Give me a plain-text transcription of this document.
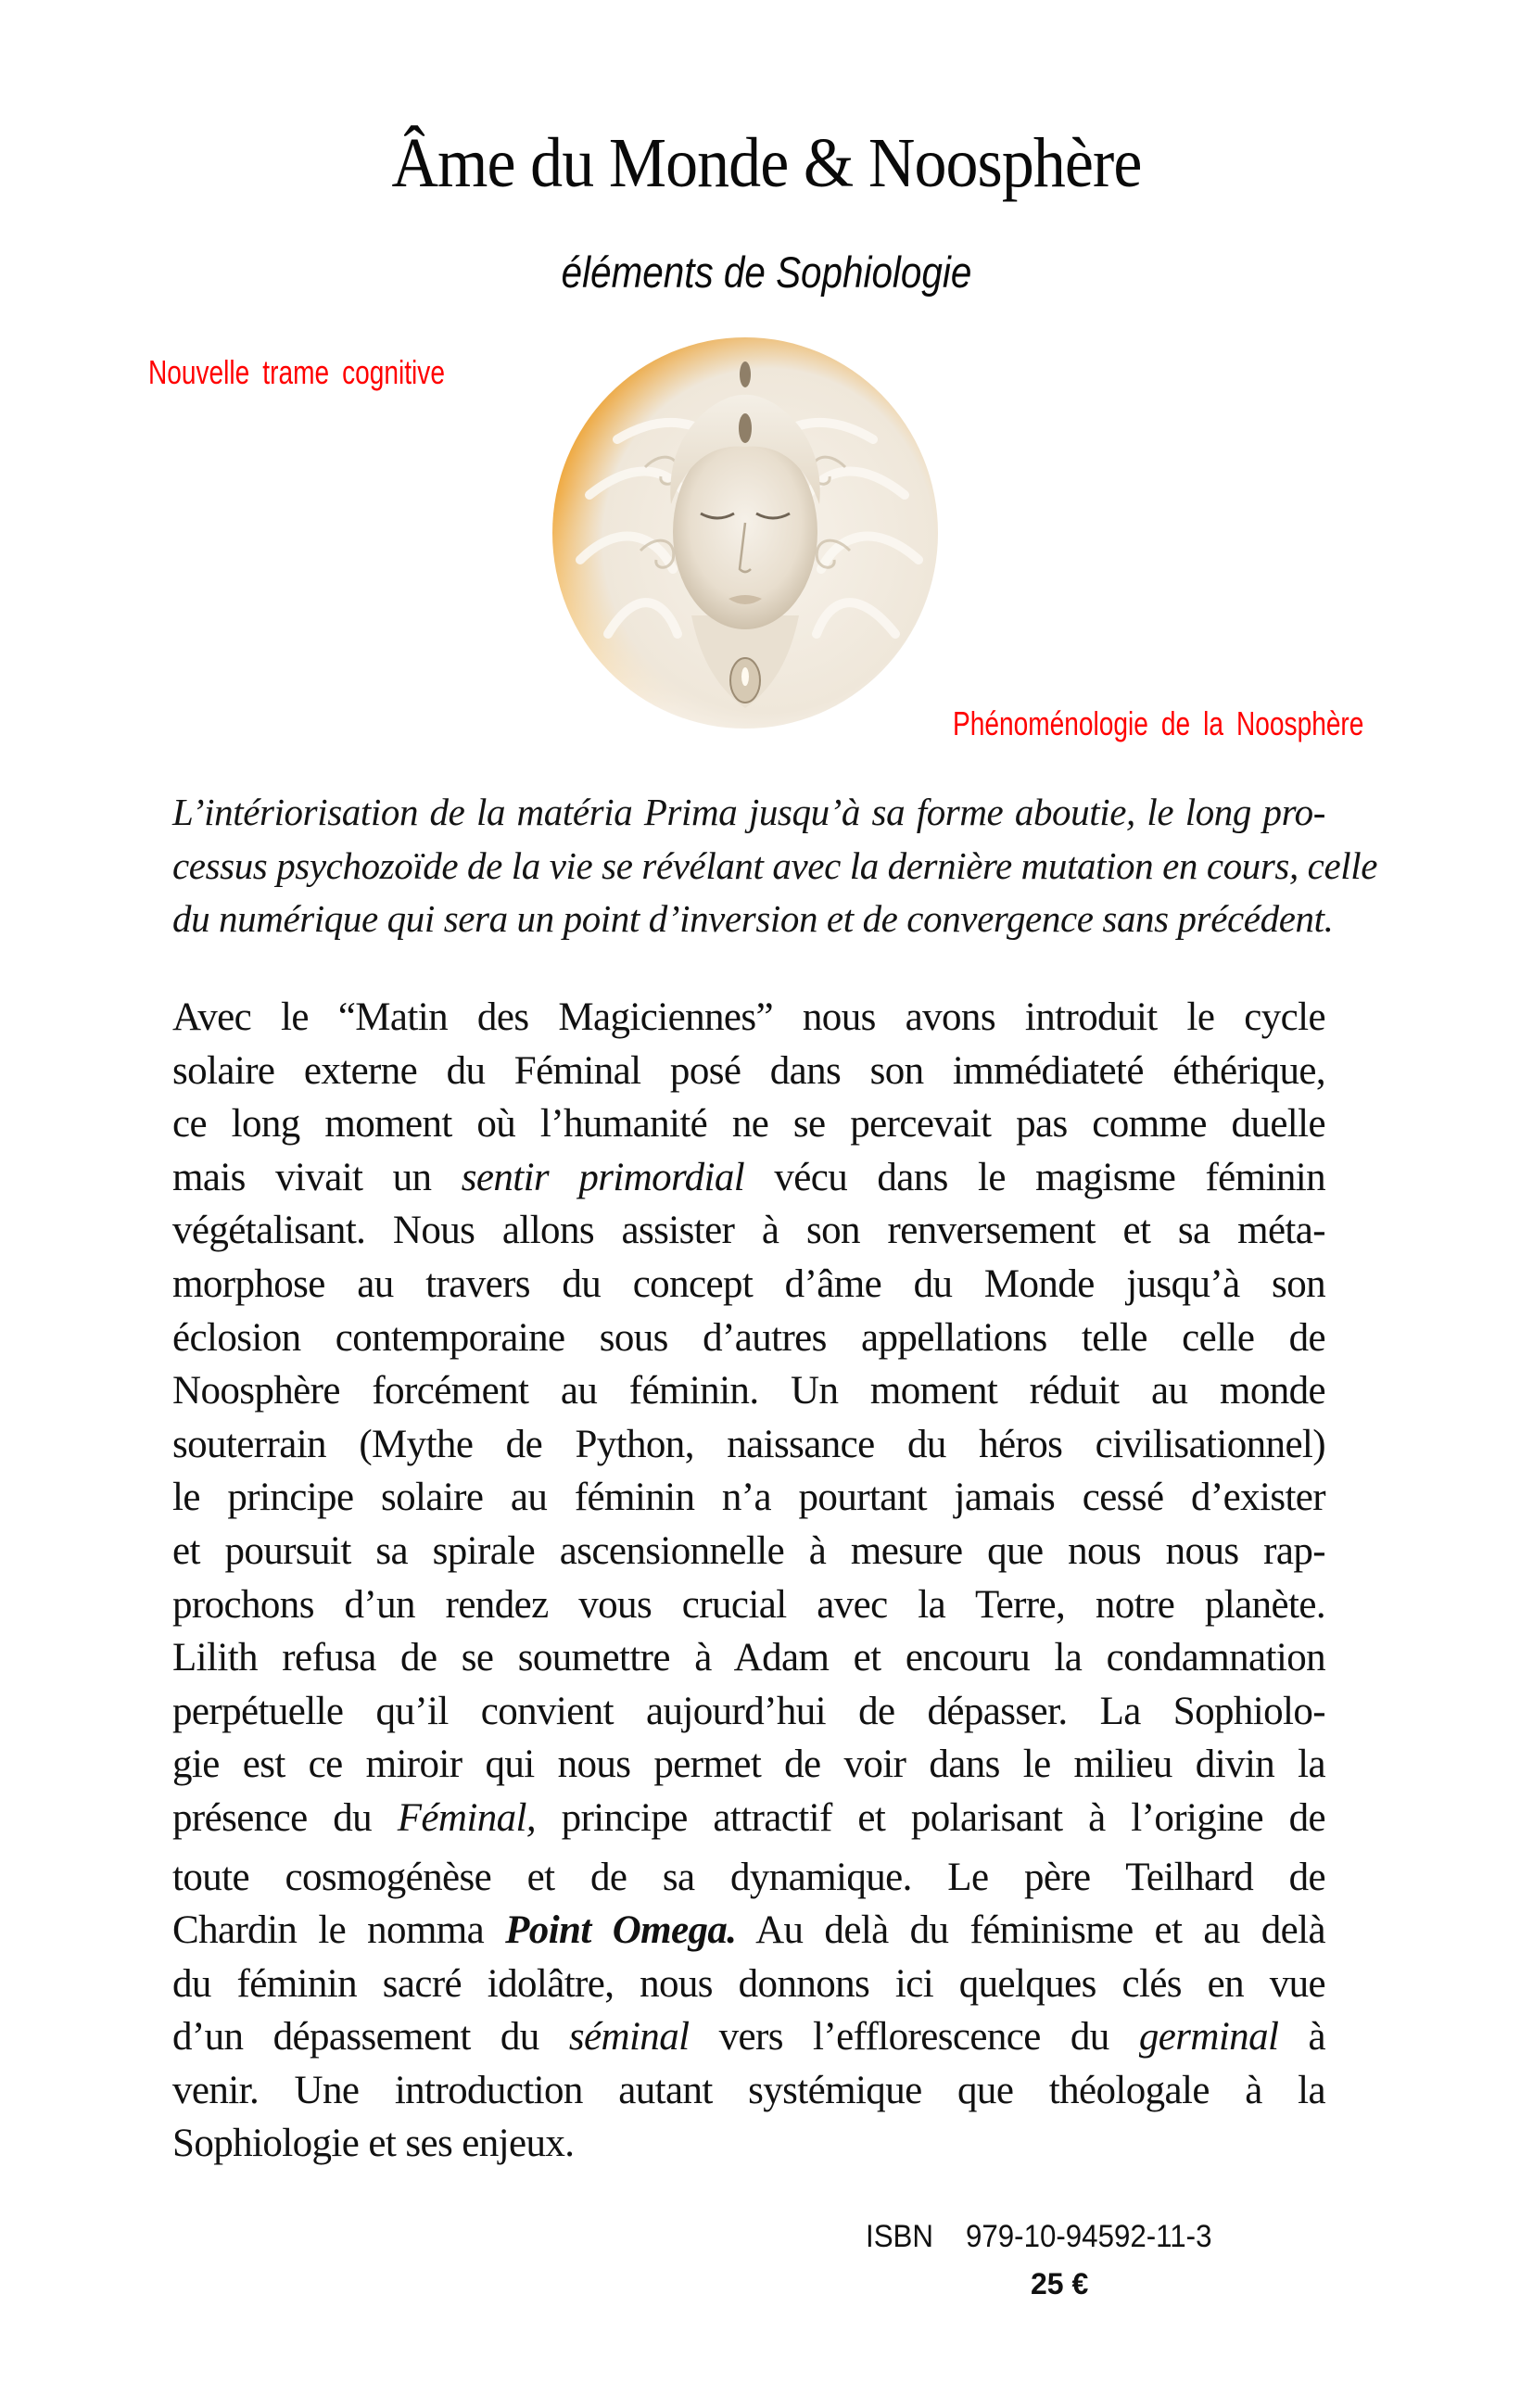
Âme du Monde & Noosphère
éléments de Sophiologie
Nouvelle trame cognitive
Phénoménologie de la Noosphère
L’intériorisation de la matéria Prima jusqu’à sa forme aboutie, le long pro-
cessus psychozoïde de la vie se révélant avec la dernière mutation en cours, celle
du numérique qui sera un point d’inversion et de convergence sans précédent.
Avec le “Matin des Magiciennes” nous avons introduit le cycle
solaire externe du Féminal posé dans son immédiateté éthérique,
ce long moment où l’humanité ne se percevait pas comme duelle
mais vivait un sentir primordial vécu dans le magisme féminin
végétalisant. Nous allons assister à son renversement et sa méta-
morphose au travers du concept d’âme du Monde jusqu’à son
éclosion contemporaine sous d’autres appellations telle celle de
Noosphère forcément au féminin. Un moment réduit au monde
souterrain (Mythe de Python, naissance du héros civilisationnel)
le principe solaire au féminin n’a pourtant jamais cessé d’exister
et poursuit sa spirale ascensionnelle à mesure que nous nous rap-
prochons d’un rendez vous crucial avec la Terre, notre planète.
Lilith refusa de se soumettre à Adam et encouru la condamnation
perpétuelle qu’il convient aujourd’hui de dépasser. La Sophiolo-
gie est ce miroir qui nous permet de voir dans le milieu divin la
présence du Féminal, principe attractif et polarisant à l’origine de
toute cosmogénèse et de sa dynamique. Le père Teilhard de
Chardin le nomma Point Omega. Au delà du féminisme et au delà
du féminin sacré idolâtre, nous donnons ici quelques clés en vue
d’un dépassement du séminal vers l’efflorescence du germinal à
venir. Une introduction autant systémique que théologale à la
Sophiologie et ses enjeux.
ISBN 979-10-94592-11-3
25 €
